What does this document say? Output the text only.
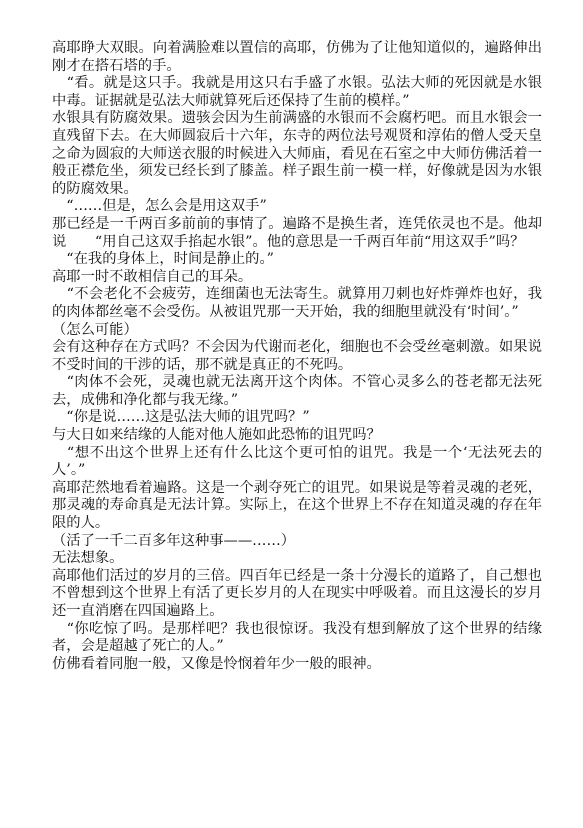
高耶睁大双眼。向着满脸难以置信的高耶，仿佛为了让他知道似的，遍路伸出刚才在搭石塔的手。

　“看。就是这只手。我就是用这只右手盛了水银。弘法大师的死因就是水银中毒。证据就是弘法大师就算死后还保持了生前的模样。”

水银具有防腐效果。遗骇会因为生前满盛的水银而不会腐朽吧。而且水银会一直残留下去。在大师圆寂后十六年，东寺的两位法号观贤和淳佑的僧人受天皇之命为圆寂的大师送衣服的时候进入大师庙，看见在石室之中大师仿佛活着一般正襟危坐，须发已经长到了膝盖。样子跟生前一模一样，好像就是因为水银的防腐效果。

　“……但是，怎么会是用这双手”

那已经是一千两百多前前的事情了。遍路不是换生者，连凭依灵也不是。他却说　　“用自己这双手掐起水银”。他的意思是一千两百年前“用这双手”吗？

　“在我的身体上，时间是静止的。”

高耶一时不敢相信自己的耳朵。

　“不会老化不会疲劳，连细菌也无法寄生。就算用刀刺也好炸弹炸也好，我的肉体都丝毫不会受伤。从被诅咒那一天开始，我的细胞里就没有‘时间’。”

（怎么可能）

会有这种存在方式吗？不会因为代谢而老化，细胞也不会受丝毫刺激。如果说不受时间的干涉的话，那不就是真正的不死吗。

　“肉体不会死，灵魂也就无法离开这个肉体。不管心灵多么的苍老都无法死去，成佛和净化都与我无缘。”

　“你是说……这是弘法大师的诅咒吗？”

与大日如来结缘的人能对他人施如此恐怖的诅咒吗？

　“想不出这个世界上还有什么比这个更可怕的诅咒。我是一个‘无法死去的人’。”

高耶茫然地看着遍路。这是一个剥夺死亡的诅咒。如果说是等着灵魂的老死，那灵魂的寿命真是无法计算。实际上，在这个世界上不存在知道灵魂的存在年限的人。

（活了一千二百多年这种事——……）

无法想象。

高耶他们活过的岁月的三倍。四百年已经是一条十分漫长的道路了，自己想也不曾想到这个世界上有活了更长岁月的人在现实中呼吸着。而且这漫长的岁月还一直消磨在四国遍路上。

　“你吃惊了吗。是那样吧？我也很惊讶。我没有想到解放了这个世界的结缘者，会是超越了死亡的人。”

仿佛看着同胞一般，又像是怜悯着年少一般的眼神。
